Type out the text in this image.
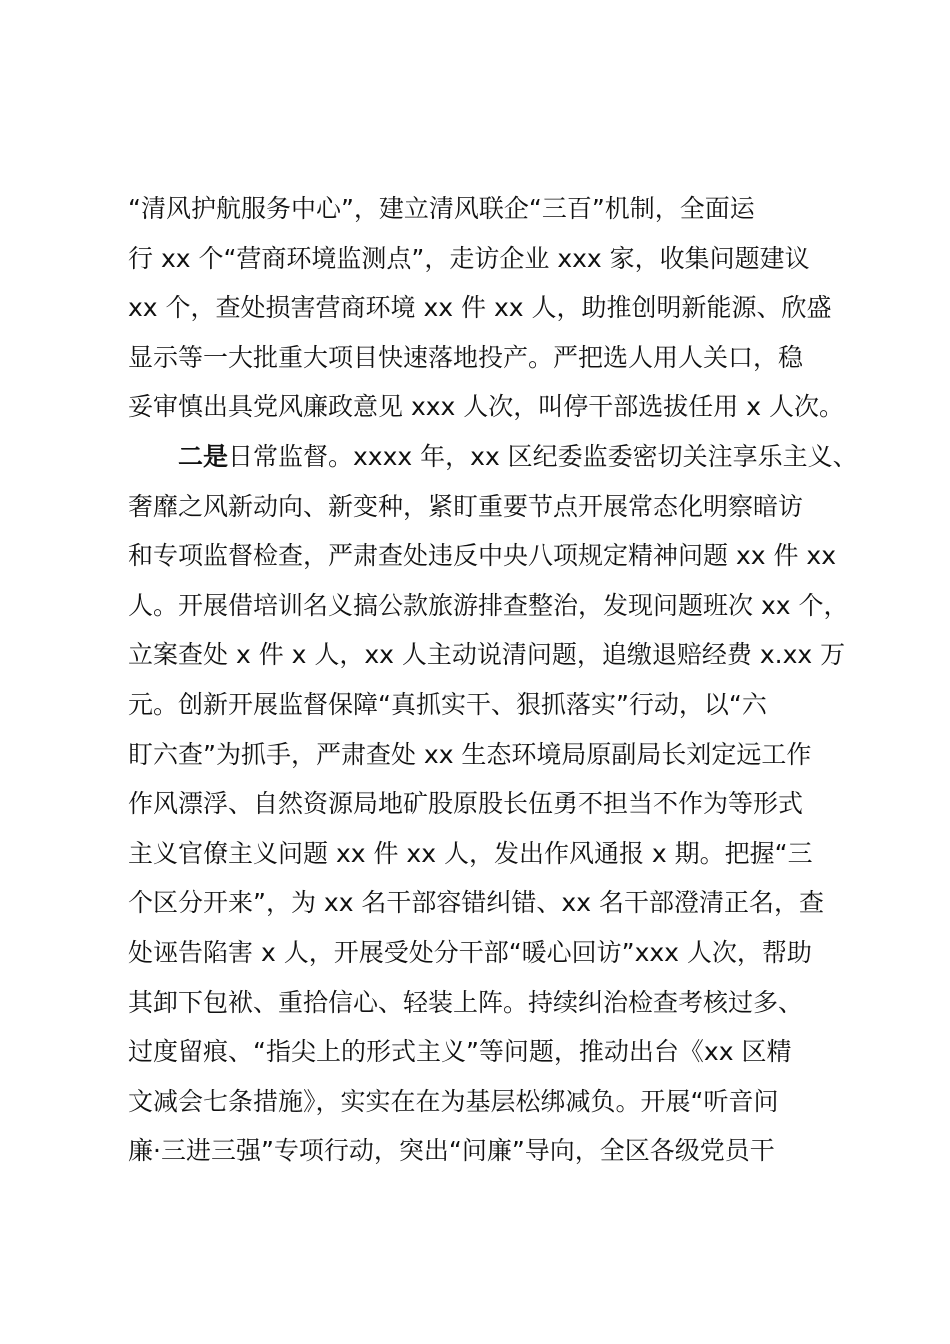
“清风护航服务中心”，建立清风联企“三百”机制，全面运
行 xx 个“营商环境监测点”，走访企业 xxx 家，收集问题建议
xx 个，查处损害营商环境 xx 件 xx 人，助推创明新能源、欣盛
显示等一大批重大项目快速落地投产。严把选人用人关口，稳
妥审慎出具党风廉政意见 xxx 人次，叫停干部选拔任用 x 人次。
二是日常监督。xxxx 年，xx 区纪委监委密切关注享乐主义、
奢靡之风新动向、新变种，紧盯重要节点开展常态化明察暗访
和专项监督检查，严肃查处违反中央八项规定精神问题 xx 件 xx
人。开展借培训名义搞公款旅游排查整治，发现问题班次 xx 个，
立案查处 x 件 x 人，xx 人主动说清问题，追缴退赔经费 x.xx 万
元。创新开展监督保障“真抓实干、狠抓落实”行动，以“六
盯六查”为抓手，严肃查处 xx 生态环境局原副局长刘定远工作
作风漂浮、自然资源局地矿股原股长伍勇不担当不作为等形式
主义官僚主义问题 xx 件 xx 人，发出作风通报 x 期。把握“三
个区分开来”，为 xx 名干部容错纠错、xx 名干部澄清正名，查
处诬告陷害 x 人，开展受处分干部“暖心回访”xxx 人次，帮助
其卸下包袱、重拾信心、轻装上阵。持续纠治检查考核过多、
过度留痕、“指尖上的形式主义”等问题，推动出台《xx 区精
文减会七条措施》，实实在在为基层松绑减负。开展“听音问
廉·三进三强”专项行动，突出“问廉”导向，全区各级党员干
